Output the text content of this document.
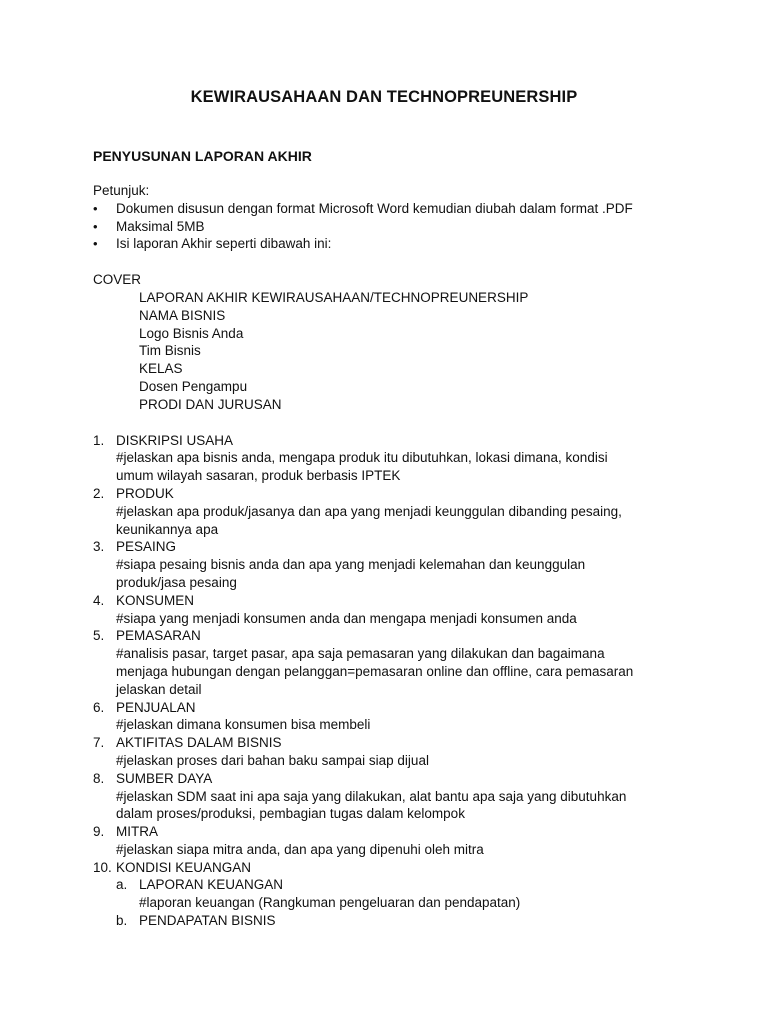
KEWIRAUSAHAAN DAN TECHNOPREUNERSHIP
PENYUSUNAN LAPORAN AKHIR
Petunjuk:
• Dokumen disusun dengan format Microsoft Word kemudian diubah dalam format .PDF
• Maksimal 5MB
• Isi laporan Akhir seperti dibawah ini:
COVER
LAPORAN AKHIR KEWIRAUSAHAAN/TECHNOPREUNERSHIP
NAMA BISNIS
Logo Bisnis Anda
Tim Bisnis
KELAS
Dosen Pengampu
PRODI DAN JURUSAN
1. DISKRIPSI USAHA
#jelaskan apa bisnis anda, mengapa produk itu dibutuhkan, lokasi dimana, kondisi
umum wilayah sasaran, produk berbasis IPTEK
2. PRODUK
#jelaskan apa produk/jasanya dan apa yang menjadi keunggulan dibanding pesaing,
keunikannya apa
3. PESAING
#siapa pesaing bisnis anda dan apa yang menjadi kelemahan dan keunggulan
produk/jasa pesaing
4. KONSUMEN
#siapa yang menjadi konsumen anda dan mengapa menjadi konsumen anda
5. PEMASARAN
#analisis pasar, target pasar, apa saja pemasaran yang dilakukan dan bagaimana
menjaga hubungan dengan pelanggan=pemasaran online dan offline, cara pemasaran
jelaskan detail
6. PENJUALAN
#jelaskan dimana konsumen bisa membeli
7. AKTIFITAS DALAM BISNIS
#jelaskan proses dari bahan baku sampai siap dijual
8. SUMBER DAYA
#jelaskan SDM saat ini apa saja yang dilakukan, alat bantu apa saja yang dibutuhkan
dalam proses/produksi, pembagian tugas dalam kelompok
9. MITRA
#jelaskan siapa mitra anda, dan apa yang dipenuhi oleh mitra
10. KONDISI KEUANGAN
a. LAPORAN KEUANGAN
#laporan keuangan (Rangkuman pengeluaran dan pendapatan)
b. PENDAPATAN BISNIS
